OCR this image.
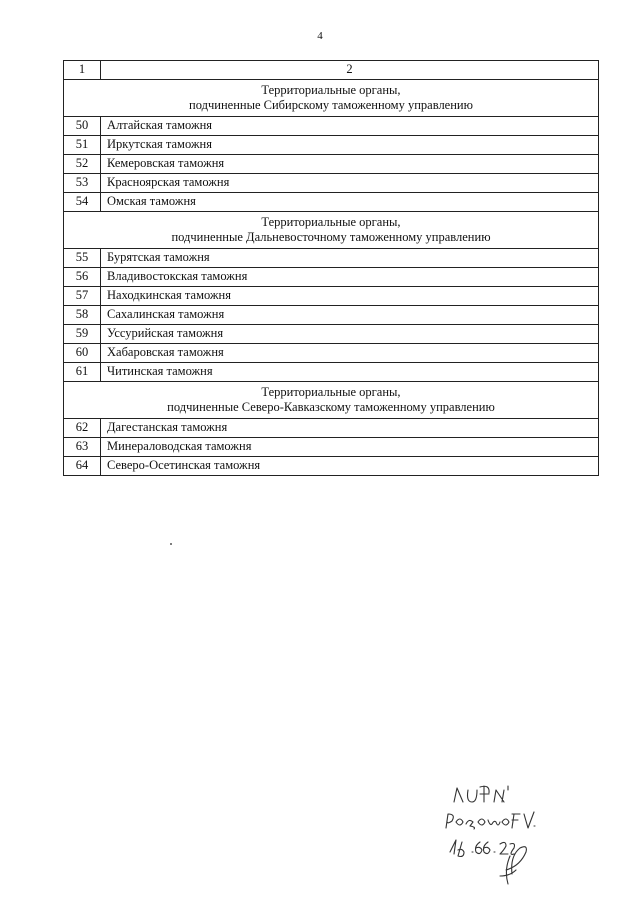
4
1	2

Территориальные органы,
подчиненные Сибирскому таможенному управлению	

50	Алтайская таможня
51	Иркутская таможня
52	Кемеровская таможня
53	Красноярская таможня
54	Омская таможня

Территориальные органы,
подчиненные Дальневосточному таможенному управлению	

55	Бурятская таможня
56	Владивостокская таможня
57	Находкинская таможня
58	Сахалинская таможня
59	Уссурийская таможня
60	Хабаровская таможня
61	Читинская таможня

Территориальные органы,
подчиненные Северо-Кавказскому таможенному управлению	

62	Дагестанская таможня
63	Минераловодская таможня
64	Северо-Осетинская таможня
